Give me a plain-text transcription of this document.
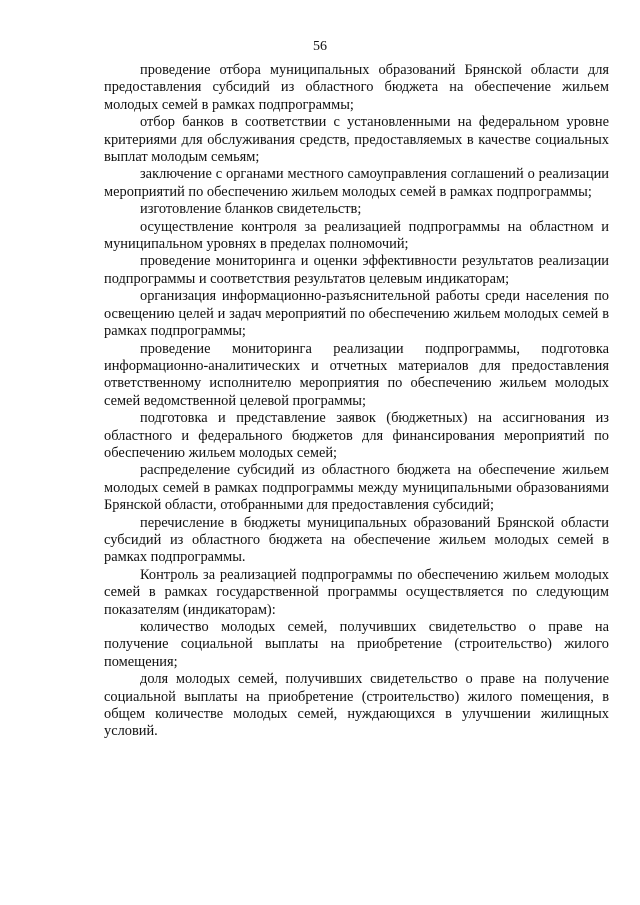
56

проведение отбора муниципальных образований Брянской области для предоставления субсидий из областного бюджета на обеспечение жильем молодых семей в рамках подпрограммы;

отбор банков в соответствии с установленными на федеральном уровне критериями для обслуживания средств, предоставляемых в качестве социальных выплат молодым семьям;

заключение с органами местного самоуправления соглашений о реализации мероприятий по обеспечению жильем молодых семей в рамках подпрограммы;

изготовление бланков свидетельств;

осуществление контроля за реализацией подпрограммы на областном и муниципальном уровнях в пределах полномочий;

проведение мониторинга и оценки эффективности результатов реализации подпрограммы и соответствия результатов целевым индикаторам;

организация информационно-разъяснительной работы среди населения по освещению целей и задач мероприятий по обеспечению жильем молодых семей в рамках подпрограммы;

проведение мониторинга реализации подпрограммы, подготовка информационно-аналитических и отчетных материалов для предоставления ответственному исполнителю мероприятия по обеспечению жильем молодых семей ведомственной целевой программы;

подготовка и представление заявок (бюджетных) на ассигнования из областного и федерального бюджетов для финансирования мероприятий по обеспечению жильем молодых семей;

распределение субсидий из областного бюджета на обеспечение жильем молодых семей в рамках подпрограммы между муниципальными образованиями Брянской области, отобранными для предоставления субсидий;

перечисление в бюджеты муниципальных образований Брянской области субсидий из областного бюджета на обеспечение жильем молодых семей в рамках подпрограммы.

Контроль за реализацией подпрограммы по обеспечению жильем молодых семей в рамках государственной программы осуществляется по следующим показателям (индикаторам):

количество молодых семей, получивших свидетельство о праве на получение социальной выплаты на приобретение (строительство) жилого помещения;

доля молодых семей, получивших свидетельство о праве на получение социальной выплаты на приобретение (строительство) жилого помещения, в общем количестве молодых семей, нуждающихся в улучшении жилищных условий.
